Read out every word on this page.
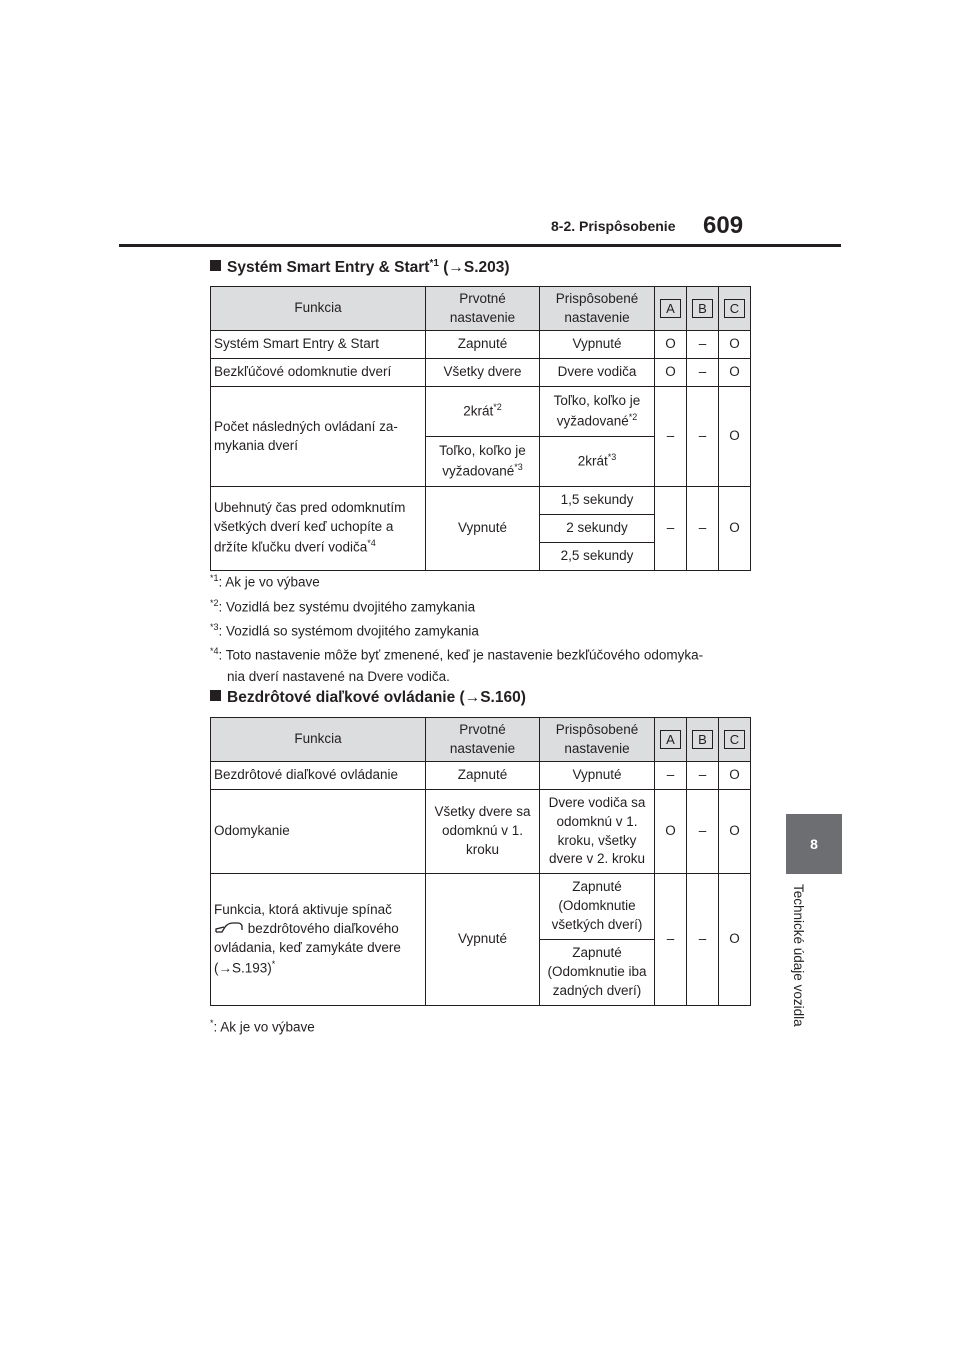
8-2. Prispôsobenie 609
8
Technické údaje vozidla
Systém Smart Entry & Start$^{*1}$ (→S.203)
Funkcia	Prvotné nastavenie	Prispôsobené nastavenie	A	B	C
Systém Smart Entry & Start	Zapnuté	Vypnuté	O	–	O
Bezkľúčové odomknutie dverí	Všetky dvere	Dvere vodiča	O	–	O
Počet následných ovládaní za-mykania dverí	2krát$^{*2}$	Toľko, koľko je vyžadované$^{*2}$	–	–	O
	Toľko, koľko je vyžadované$^{*3}$	2krát$^{*3}$
Ubehnutý čas pred odomknutím všetkých dverí keď uchopíte a držíte kľučku dverí vodiča$^{*4}$	Vypnuté	1,5 sekundy	–	–	O
		2 sekundy			
		2,5 sekundy			
$^{*1}$: Ak je vo výbave
$^{*2}$: Vozidlá bez systému dvojitého zamykania
$^{*3}$: Vozidlá so systémom dvojitého zamykania
$^{*4}$: Toto nastavenie môže byť zmenené, keď je nastavenie bezkľúčového odomyka-
nia dverí nastavené na Dvere vodiča.
Bezdrôtové diaľkové ovládanie (→S.160)
Funkcia	Prvotné nastavenie	Prispôsobené nastavenie	A	B	C
Bezdrôtové diaľkové ovládanie	Zapnuté	Vypnuté	–	–	O
Odomykanie	Všetky dvere sa odomknú v 1. kroku	Dvere vodiča sa odomknú v 1. kroku, všetky dvere v 2. kroku	O	–	O
Funkcia, ktorá aktivuje spínač
bezdrôtového diaľkového ovládania, keď zamykáte dvere
(→S.193)*	Vypnuté	Zapnuté (Odomknutie všetkých dverí)	–	–	O
		Zapnuté (Odomknutie iba zadných dverí)			
*: Ak je vo výbave
